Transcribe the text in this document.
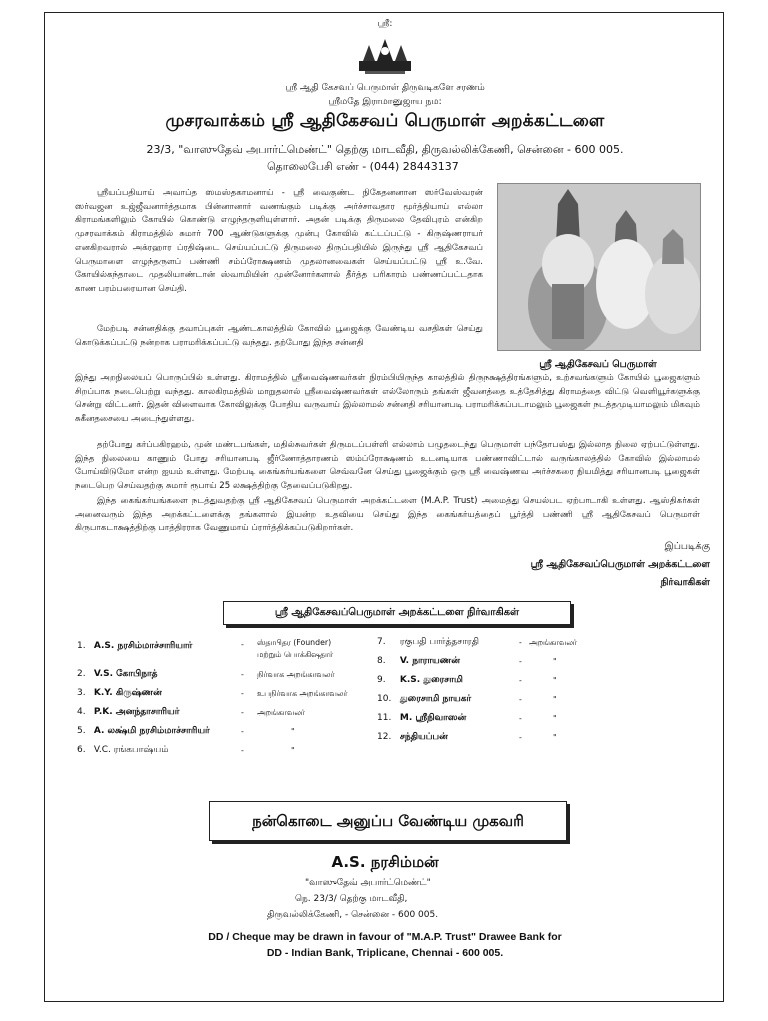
ஸ்ரீ:
ஸ்ரீ ஆதி கேசவப் பெருமாள் திருவடிகளே சரணம்
ஸ்ரீமதே இராமானுஜாய நம:
முசரவாக்கம் ஸ்ரீ ஆதிகேசவப் பெருமாள் அறக்கட்டளை
23/3, "வாஸுதேவ் அபார்ட்மெண்ட்" தெற்கு மாடவீதி, திருவல்லிக்கேணி, சென்னை - 600 005.
தொலைபேசி எண் - (044) 28443137
ஸ்ரீயப்பதியாய் அவாப்த ஸமஸ்தகாமனாய் - ஸ்ரீ வைகுண்ட நிகேதனனான ஸர்வேஸ்வரன் ஸர்வஜன உஜ்ஜீவனார்த்தமாக பின்னானார் வணங்கும் படிக்கு அர்ச்சாவதார மூர்த்தியாய் எல்லா கிராமங்களிலும் கோயில் கொண்டு எழுந்தருளியுள்ளார். அதன் படிக்கு திருமலை தேவிபுரம் என்கிற முசரவாக்கம் கிராமத்தில் சுமார் 700 ஆண்டுகளுக்கு முன்பு கோவில் கட்டப்பட்டு - கிருஷ்ணராயர் எனகிறவரால் அக்ரஹார ப்ரதிஷ்டை செய்யப்பட்டு திருமலை திருப்பதியில் இருந்து ஸ்ரீ ஆதிகேசவப் பெருமாளை எழுந்தருளப் பண்ணி சம்ப்ரோக்ஷணம் முதலானவைகள் செய்யப்பட்டு ஸ்ரீ உ.வே. கோயில்கந்தாடை முதலியாண்டான் ஸ்வாமியின் முன்னோர்களால் தீர்த்த பரிகாரம் பண்ணப்பட்டதாக காண பரம்பரையான செய்தி.
மேற்படி சன்னதிக்கு தவாப்புகள் ஆண்டகாலத்தில் கோவில் பூஜைக்கு வேண்டிய வசதிகள் செய்து கொடுக்கப்பட்டு நன்றாக பராமரிக்கப்பட்டு வந்தது. தற்போது இந்த சன்னதி
இந்து அறநிலையப் பொருப்பில் உள்ளது. கிராமத்தில் ஸ்ரீவைஷ்ணவர்கள் நிரம்பியிருந்த காலத்தில் திருநக்ஷத்திரங்களும், உற்சவங்களும் கோயில் பூஜைகளும் சிறப்பாக நடைபெற்று வந்தது. காலகிரமத்தில் மாறுதலால் ஸ்ரீவைஷ்ணவர்கள் எல்லோரும் தங்கள் ஜீவனத்தை உத்தேசித்து கிராமத்தை விட்டு வெளியூர்களுக்கு சென்று விட்டனர். இதன் விளைவாக கோவிலுக்கு போதிய வருவாய் இல்லாமல் சன்னதி சரியானபடி பராமரிக்கப்படாமலும் பூஜைகள் நடத்தமுடியாமலும் மிகவும் சுகீனதசையை அடைந்துள்ளது.
ஸ்ரீ ஆதிகேசவப் பெருமாள்
தற்போது கர்ப்பகிரஹம், முன் மண்டபங்கள், மதில்சுவர்கள் திருமடப்பள்ளி எல்லாம் பழுதடைந்து பெருமாள் பந்தோபஸ்து இல்லாத நிலை ஏற்பட்டுள்ளது. இந்த நிலையை காணும் போது சரியானபடி ஜீர்ணோத்தாரணம் ஸம்ப்ரோக்ஷணம் உடனடியாக பண்ணாவிட்டால் வருங்காலத்தில் கோவில் இல்லாமல் போய்விடுமோ என்ற ஐயம் உள்ளது. மேற்படி கைங்கர்யங்களை செவ்வனே செய்து பூஜைக்கும் ஒரு ஸ்ரீ வைஷ்ணவ அர்ச்சகரை நியமித்து சரியானபடி பூஜைகள் நடைபெற செய்வதற்கு சுமார் ரூபாய் 25 லக்ஷத்திற்கு தேவைப்படுகிறது.
இந்த கைங்கர்யங்களை நடத்துவதற்கு ஸ்ரீ ஆதிகேசவப் பெருமாள் அறக்கட்டளை (M.A.P. Trust) அமைத்து செயல்பட ஏற்பாடாகி உள்ளது. ஆஸ்திகர்கள் அனைவரும் இந்த அறக்கட்டளைக்கு தங்களால் இயன்ற உதவியை செய்து இந்த கைங்கர்யத்தைப் பூர்த்தி பண்ணி ஸ்ரீ ஆதிகேசவப் பெருமாள் கிருபாகடாக்ஷத்திற்கு பாத்திரராக வேணுமாய் ப்ரார்த்திக்கப்படுகிறார்கள்.
இப்படிக்கு
ஸ்ரீ ஆதிகேசவப்பெருமாள் அறக்கட்டளை
நிர்வாகிகள்
ஸ்ரீ ஆதிகேசவப்பெருமாள் அறக்கட்டளை நிர்வாகிகள்
1. A.S. நரசிம்மாச்சாரியார்	- ஸ்தாபிதர (Founder)
மற்றும் பொக்கிஷதார்
2. V.S. கோபிநாத்	- நிர்வாக அறங்காவலர்
3. K.Y. கிருஷ்ணன்	- உபநிர்வாக அறங்காவலர்
4. P.K. அனந்தாசாரியர்	- அறங்காவலர்
5. A. லக்ஷ்மி நரசிம்மாச்சாரியர்	-	"
6. V.C. ரங்கபாஷ்யம்	-	"
7. ரகுபதி பார்த்தசாரதி	- அறங்காவலர்
8. V. நாராயணன்	-	"
9. K.S. துரைசாமி	-	"
10. துரைசாமி நாயகர்	-	"
11. M. ஸ்ரீநிவாஸன்	-	"
12. சந்தியப்பன்	-	"
நன்கொடை அனுப்ப வேண்டிய முகவரி
A.S. நரசிம்மன்
"வாஸுதேவ் அபார்ட்மெண்ட்"
நெ. 23/3/ தெற்கு மாடவீதி,
திருவல்லிக்கேணி, - சென்னை - 600 005.
DD / Cheque may be drawn in favour of "M.A.P. Trust" Drawee Bank for
DD - Indian Bank, Triplicane, Chennai - 600 005.
